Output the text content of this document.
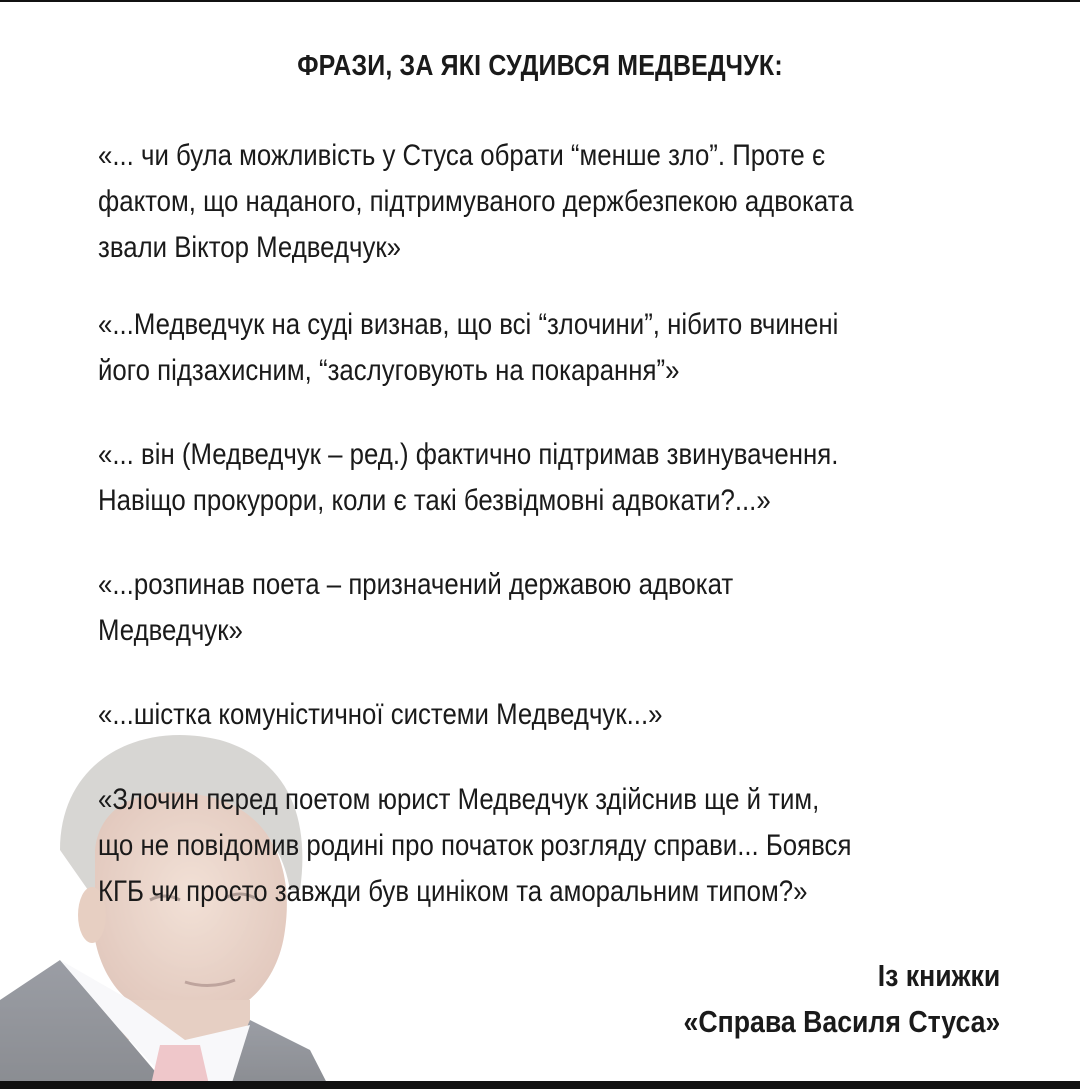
ФРАЗИ, ЗА ЯКІ СУДИВСЯ МЕДВЕДЧУК:
«... чи була можливість у Стуса обрати “менше зло”. Проте є
фактом, що наданого, підтримуваного держбезпекою адвоката
звали Віктор Медведчук»
«...Медведчук на суді визнав, що всі “злочини”, нібито вчинені
його підзахисним, “заслуговують на покарання”»
«... він (Медведчук – ред.) фактично підтримав звинувачення.
Навіщо прокурори, коли є такі безвідмовні адвокати?...»
«...розпинав поета – призначений державою адвокат
Медведчук»
«...шістка комуністичної системи Медведчук...»
«Злочин перед поетом юрист Медведчук здійснив ще й тим,
що не повідомив родині про початок розгляду справи... Боявся
КГБ чи просто завжди був циніком та аморальним типом?»
Із книжки
«Справа Василя Стуса»
